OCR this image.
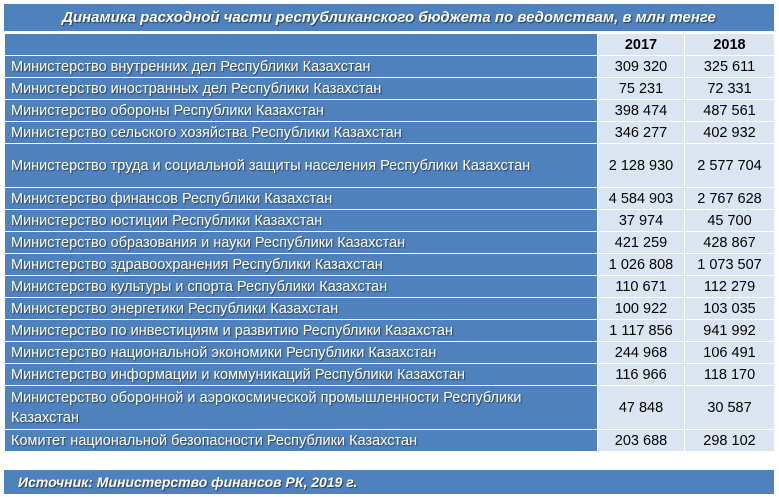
Динамика расходной части республиканского бюджета по ведомствам, в млн тенге
	2017	2018
Министерство внутренних дел Республики Казахстан	309 320	325 611
Министерство иностранных дел Республики Казахстан	75 231	72 331
Министерство обороны Республики Казахстан	398 474	487 561
Министерство сельского хозяйства Республики Казахстан	346 277	402 932
Министерство труда и социальной защиты населения Республики Казахстан	2 128 930	2 577 704
Министерство финансов Республики Казахстан	4 584 903	2 767 628
Министерство юстиции Республики Казахстан	37 974	45 700
Министерство образования и науки Республики Казахстан	421 259	428 867
Министерство здравоохранения Республики Казахстан	1 026 808	1 073 507
Министерство культуры и спорта Республики Казахстан	110 671	112 279
Министерство энергетики Республики Казахстан	100 922	103 035
Министерство по инвестициям и развитию Республики Казахстан	1 117 856	941 992
Министерство национальной экономики Республики Казахстан	244 968	106 491
Министерство информации и коммуникаций Республики Казахстан	116 966	118 170
Министерство оборонной и аэрокосмической промышленности Республики Казахстан	47 848	30 587
Комитет национальной безопасности Республики Казахстан	203 688	298 102
Источник: Министерство финансов РК, 2019 г.
